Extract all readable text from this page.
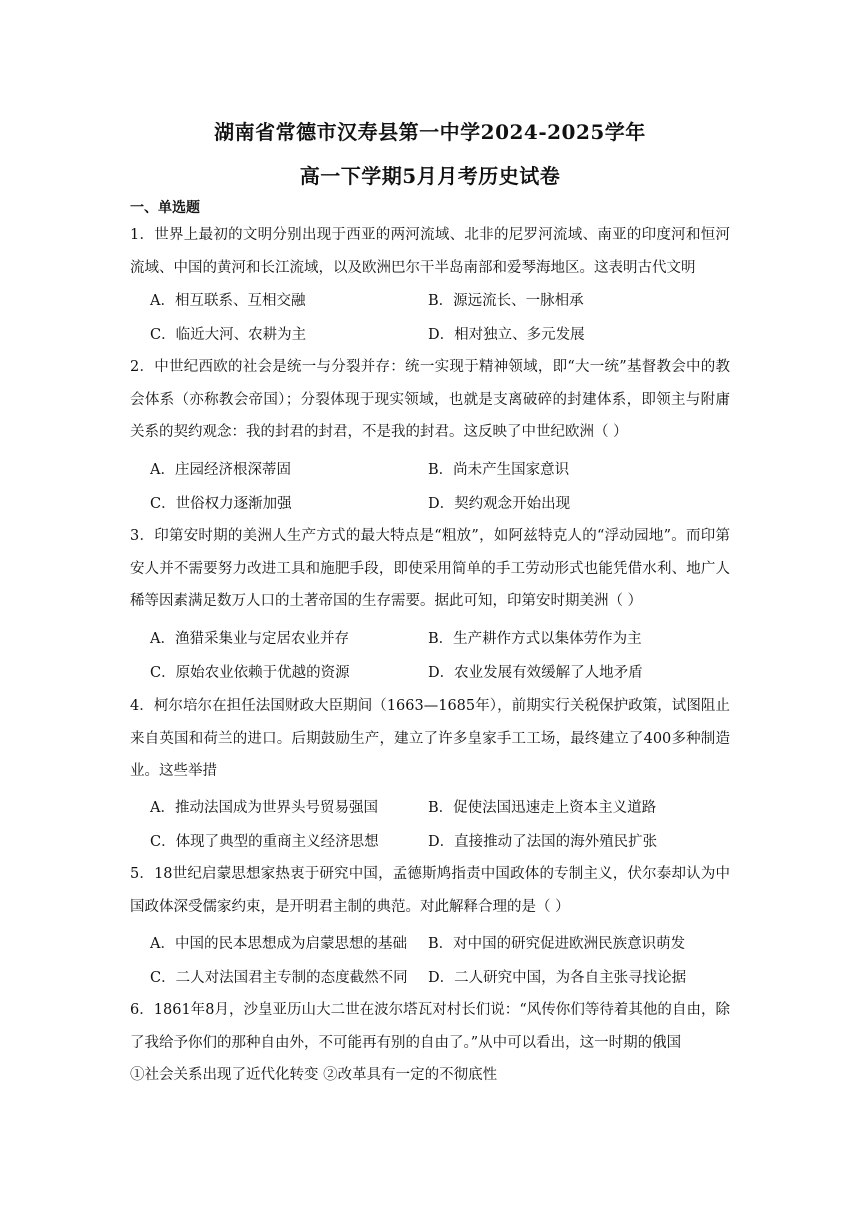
湖南省常德市汉寿县第一中学2024-2025学年
高一下学期5月月考历史试卷
一、单选题
1．世界上最初的文明分别出现于西亚的两河流域、北非的尼罗河流域、南亚的印度河和恒河流域、中国的黄河和长江流域，以及欧洲巴尔干半岛南部和爱琴海地区。这表明古代文明
A．相互联系、互相交融	B．源远流长、一脉相承
C．临近大河、农耕为主	D．相对独立、多元发展
2．中世纪西欧的社会是统一与分裂并存：统一实现于精神领域，即“大一统”基督教会中的教会体系（亦称教会帝国）；分裂体现于现实领域，也就是支离破碎的封建体系，即领主与附庸关系的契约观念：我的封君的封君，不是我的封君。这反映了中世纪欧洲（ ）
A．庄园经济根深蒂固	B．尚未产生国家意识
C．世俗权力逐渐加强	D．契约观念开始出现
3．印第安时期的美洲人生产方式的最大特点是“粗放”，如阿兹特克人的“浮动园地”。而印第安人并不需要努力改进工具和施肥手段，即使采用简单的手工劳动形式也能凭借水利、地广人稀等因素满足数万人口的土著帝国的生存需要。据此可知，印第安时期美洲（ ）
A．渔猎采集业与定居农业并存	B．生产耕作方式以集体劳作为主
C．原始农业依赖于优越的资源	D．农业发展有效缓解了人地矛盾
4．柯尔培尔在担任法国财政大臣期间（1663—1685年），前期实行关税保护政策，试图阻止来自英国和荷兰的进口。后期鼓励生产，建立了许多皇家手工工场，最终建立了400多种制造业。这些举措
A．推动法国成为世界头号贸易强国	B．促使法国迅速走上资本主义道路
C．体现了典型的重商主义经济思想	D．直接推动了法国的海外殖民扩张
5．18世纪启蒙思想家热衷于研究中国，孟德斯鸠指责中国政体的专制主义，伏尔泰却认为中国政体深受儒家约束，是开明君主制的典范。对此解释合理的是（ ）
A．中国的民本思想成为启蒙思想的基础 B．对中国的研究促进欧洲民族意识萌发
C．二人对法国君主专制的态度截然不同 D．二人研究中国，为各自主张寻找论据
6．1861年8月，沙皇亚历山大二世在波尔塔瓦对村长们说：“风传你们等待着其他的自由，除了我给予你们的那种自由外，不可能再有别的自由了。”从中可以看出，这一时期的俄国
①社会关系出现了近代化转变 ②改革具有一定的不彻底性
